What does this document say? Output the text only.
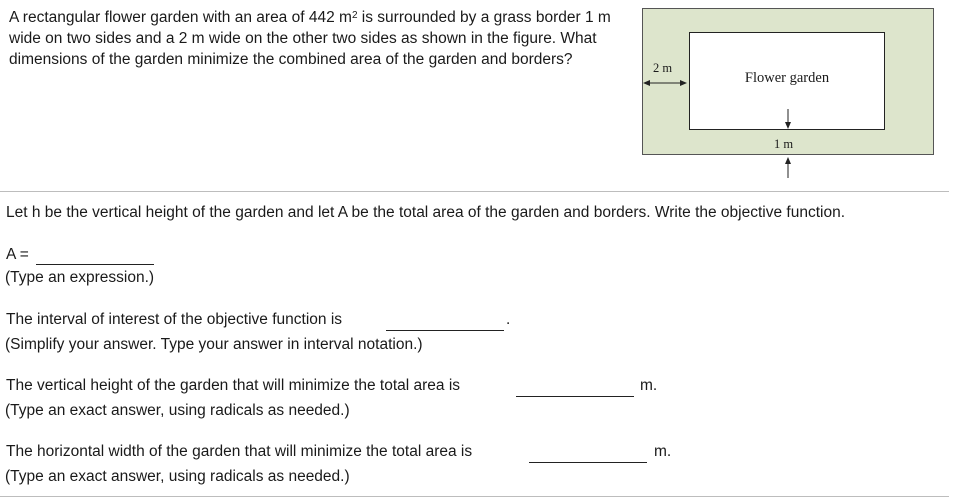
A rectangular flower garden with an area of 442 $m^2$ is surrounded by a grass border 1 m wide on two sides and a 2 m wide on the other two sides as shown in the figure. What dimensions of the garden minimize the combined area of the garden and borders?
Flower garden
2 m
1 m
Let h be the vertical height of the garden and let A be the total area of the garden and borders. Write the objective function.
A =
(Type an expression.)
The interval of interest of the objective function is	.
(Simplify your answer. Type your answer in interval notation.)
The vertical height of the garden that will minimize the total area is	m.
(Type an exact answer, using radicals as needed.)
The horizontal width of the garden that will minimize the total area is	m.
(Type an exact answer, using radicals as needed.)
